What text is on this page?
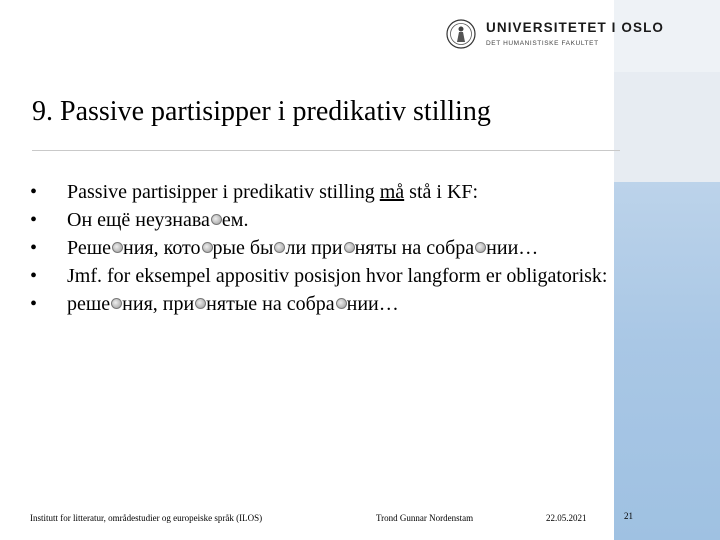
UNIVERSITETET I OSLO
DET HUMANISTISKE FAKULTET
9. Passive partisipper i predikativ stilling
• Passive partisipper i predikativ stilling må stå i KF:
• Он ещё неузнава ем.
• Реше ния, кото рые бы ли при няты на собра нии…
• Jmf. for eksempel appositiv posisjon hvor langform er obligatorisk:
• реше ния, при нятые на собра нии…
Institutt for litteratur, områdestudier og europeiske språk (ILOS)	Trond Gunnar Nordenstam	22.05.2021	21
